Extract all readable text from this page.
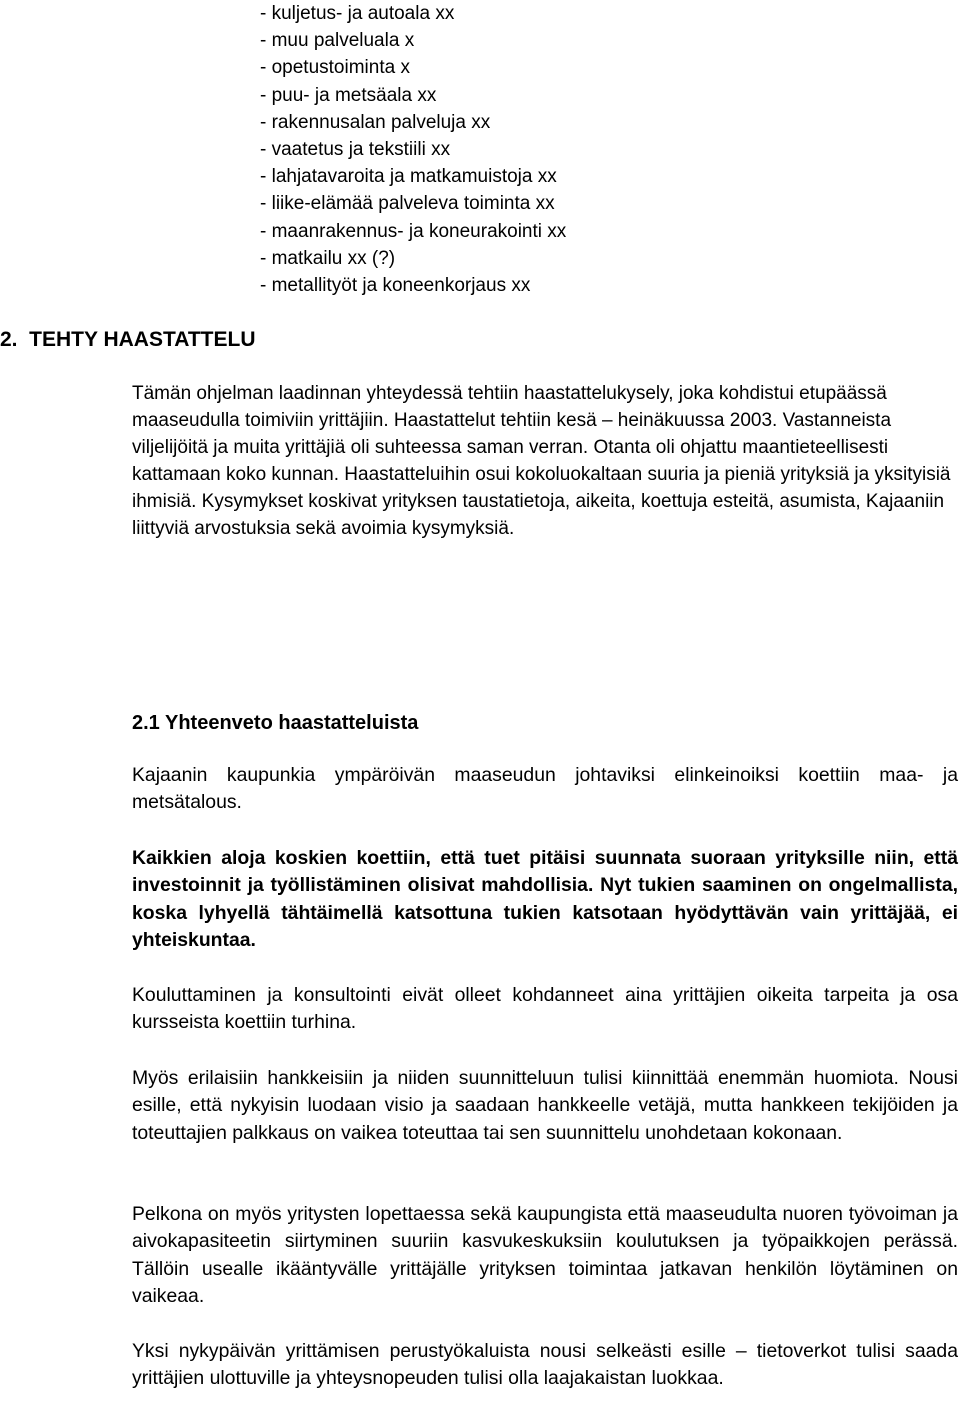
- kuljetus- ja autoala xx
- muu palveluala x
- opetustoiminta x
- puu- ja metsäala xx
- rakennusalan palveluja xx
- vaatetus ja tekstiili xx
- lahjatavaroita ja matkamuistoja xx
- liike-elämää palveleva toiminta xx
- maanrakennus- ja koneurakointi xx
- matkailu xx (?)
- metallityöt ja koneenkorjaus xx
2.  TEHTY HAASTATTELU
Tämän ohjelman laadinnan yhteydessä tehtiin haastattelukysely, joka kohdistui etupäässä maaseudulla toimiviin yrittäjiin. Haastattelut tehtiin kesä – heinäkuussa 2003. Vastanneista viljelijöitä ja muita yrittäjiä oli suhteessa saman verran. Otanta oli ohjattu maantieteellisesti kattamaan koko kunnan. Haastatteluihin osui kokoluokaltaan suuria ja pieniä yrityksiä ja yksityisiä ihmisiä. Kysymykset koskivat yrityksen taustatietoja, aikeita, koettuja esteitä, asumista, Kajaaniin liittyviä arvostuksia sekä avoimia kysymyksiä.
2.1 Yhteenveto haastatteluista
Kajaanin kaupunkia ympäröivän maaseudun johtaviksi elinkeinoiksi koettiin maa- ja metsätalous.
Kaikkien aloja koskien koettiin, että tuet pitäisi suunnata suoraan yrityksille niin, että investoinnit ja työllistäminen olisivat mahdollisia. Nyt tukien saaminen on ongelmallista, koska lyhyellä tähtäimellä katsottuna tukien katsotaan hyödyttävän vain yrittäjää, ei yhteiskuntaa.
Kouluttaminen ja konsultointi eivät olleet kohdanneet aina yrittäjien oikeita tarpeita ja osa kursseista koettiin turhina.
Myös erilaisiin hankkeisiin ja niiden suunnitteluun tulisi kiinnittää enemmän huomiota. Nousi esille, että nykyisin luodaan visio ja saadaan hankkeelle vetäjä, mutta hankkeen tekijöiden ja toteuttajien palkkaus on vaikea toteuttaa tai sen suunnittelu unohdetaan kokonaan.
Pelkona on myös yritysten lopettaessa sekä kaupungista että maaseudulta nuoren työvoiman ja aivokapasiteetin siirtyminen suuriin kasvukeskuksiin koulutuksen ja työpaikkojen perässä. Tällöin usealle ikääntyvälle yrittäjälle yrityksen toimintaa jatkavan henkilön löytäminen on vaikeaa.
Yksi nykypäivän yrittämisen perustyökaluista nousi selkeästi esille – tietoverkot tulisi saada yrittäjien ulottuville ja yhteysnopeuden tulisi olla laajakaistan luokkaa.
